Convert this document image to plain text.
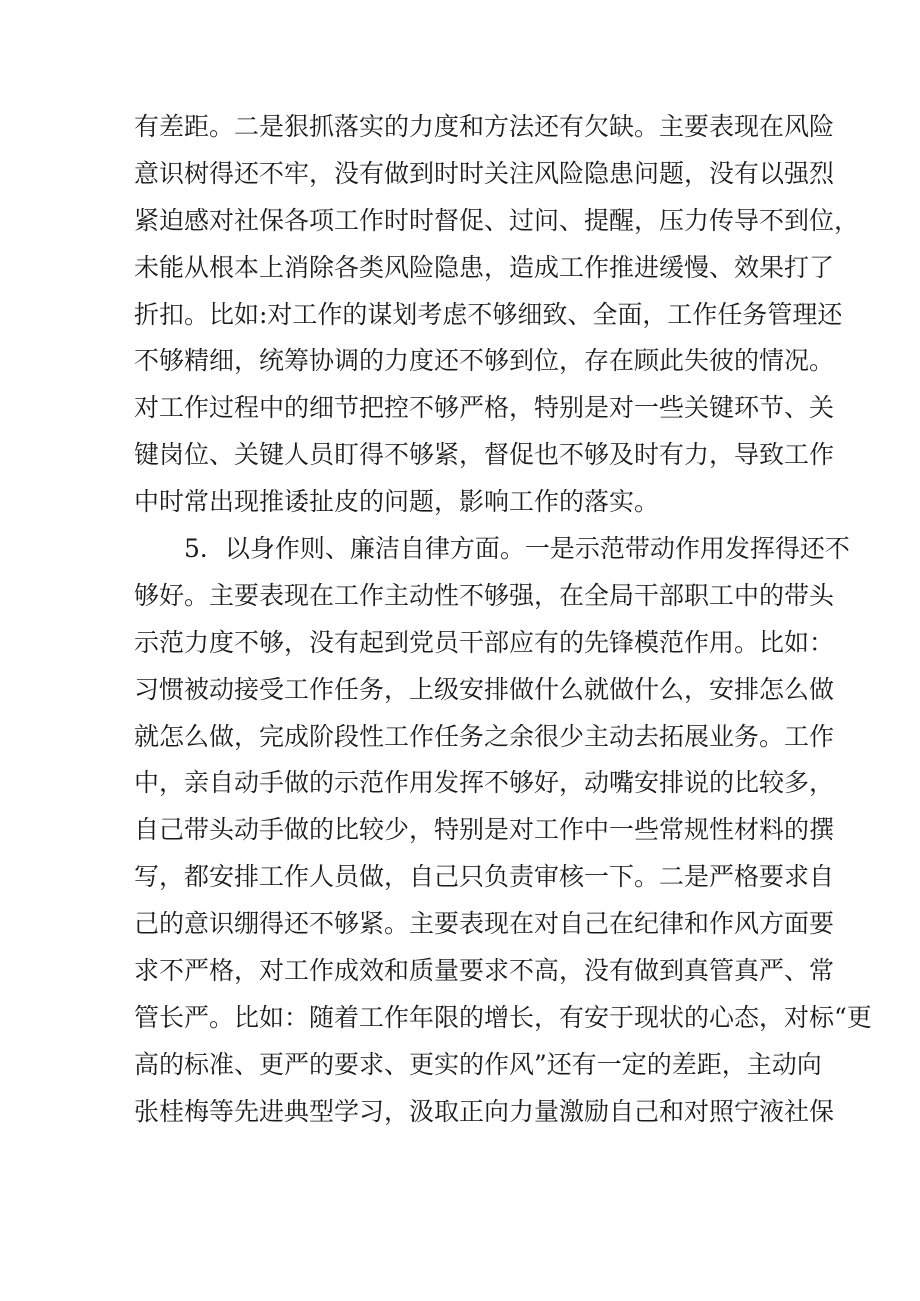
有差距。二是狠抓落实的力度和方法还有欠缺。主要表现在风险
意识树得还不牢，没有做到时时关注风险隐患问题，没有以强烈
紧迫感对社保各项工作时时督促、过问、提醒，压力传导不到位，
未能从根本上消除各类风险隐患，造成工作推进缓慢、效果打了
折扣。比如:对工作的谋划考虑不够细致、全面，工作任务管理还
不够精细，统筹协调的力度还不够到位，存在顾此失彼的情况。
对工作过程中的细节把控不够严格，特别是对一些关键环节、关
键岗位、关键人员盯得不够紧，督促也不够及时有力，导致工作
中时常出现推诿扯皮的问题，影响工作的落实。
5．以身作则、廉洁自律方面。一是示范带动作用发挥得还不
够好。主要表现在工作主动性不够强，在全局干部职工中的带头
示范力度不够，没有起到党员干部应有的先锋模范作用。比如：
习惯被动接受工作任务，上级安排做什么就做什么，安排怎么做
就怎么做，完成阶段性工作任务之余很少主动去拓展业务。工作
中，亲自动手做的示范作用发挥不够好，动嘴安排说的比较多，
自己带头动手做的比较少，特别是对工作中一些常规性材料的撰
写，都安排工作人员做，自己只负责审核一下。二是严格要求自
己的意识绷得还不够紧。主要表现在对自己在纪律和作风方面要
求不严格，对工作成效和质量要求不高，没有做到真管真严、常
管长严。比如：随着工作年限的增长，有安于现状的心态，对标“更
高的标准、更严的要求、更实的作风”还有一定的差距，主动向
张桂梅等先进典型学习，汲取正向力量激励自己和对照宁液社保
